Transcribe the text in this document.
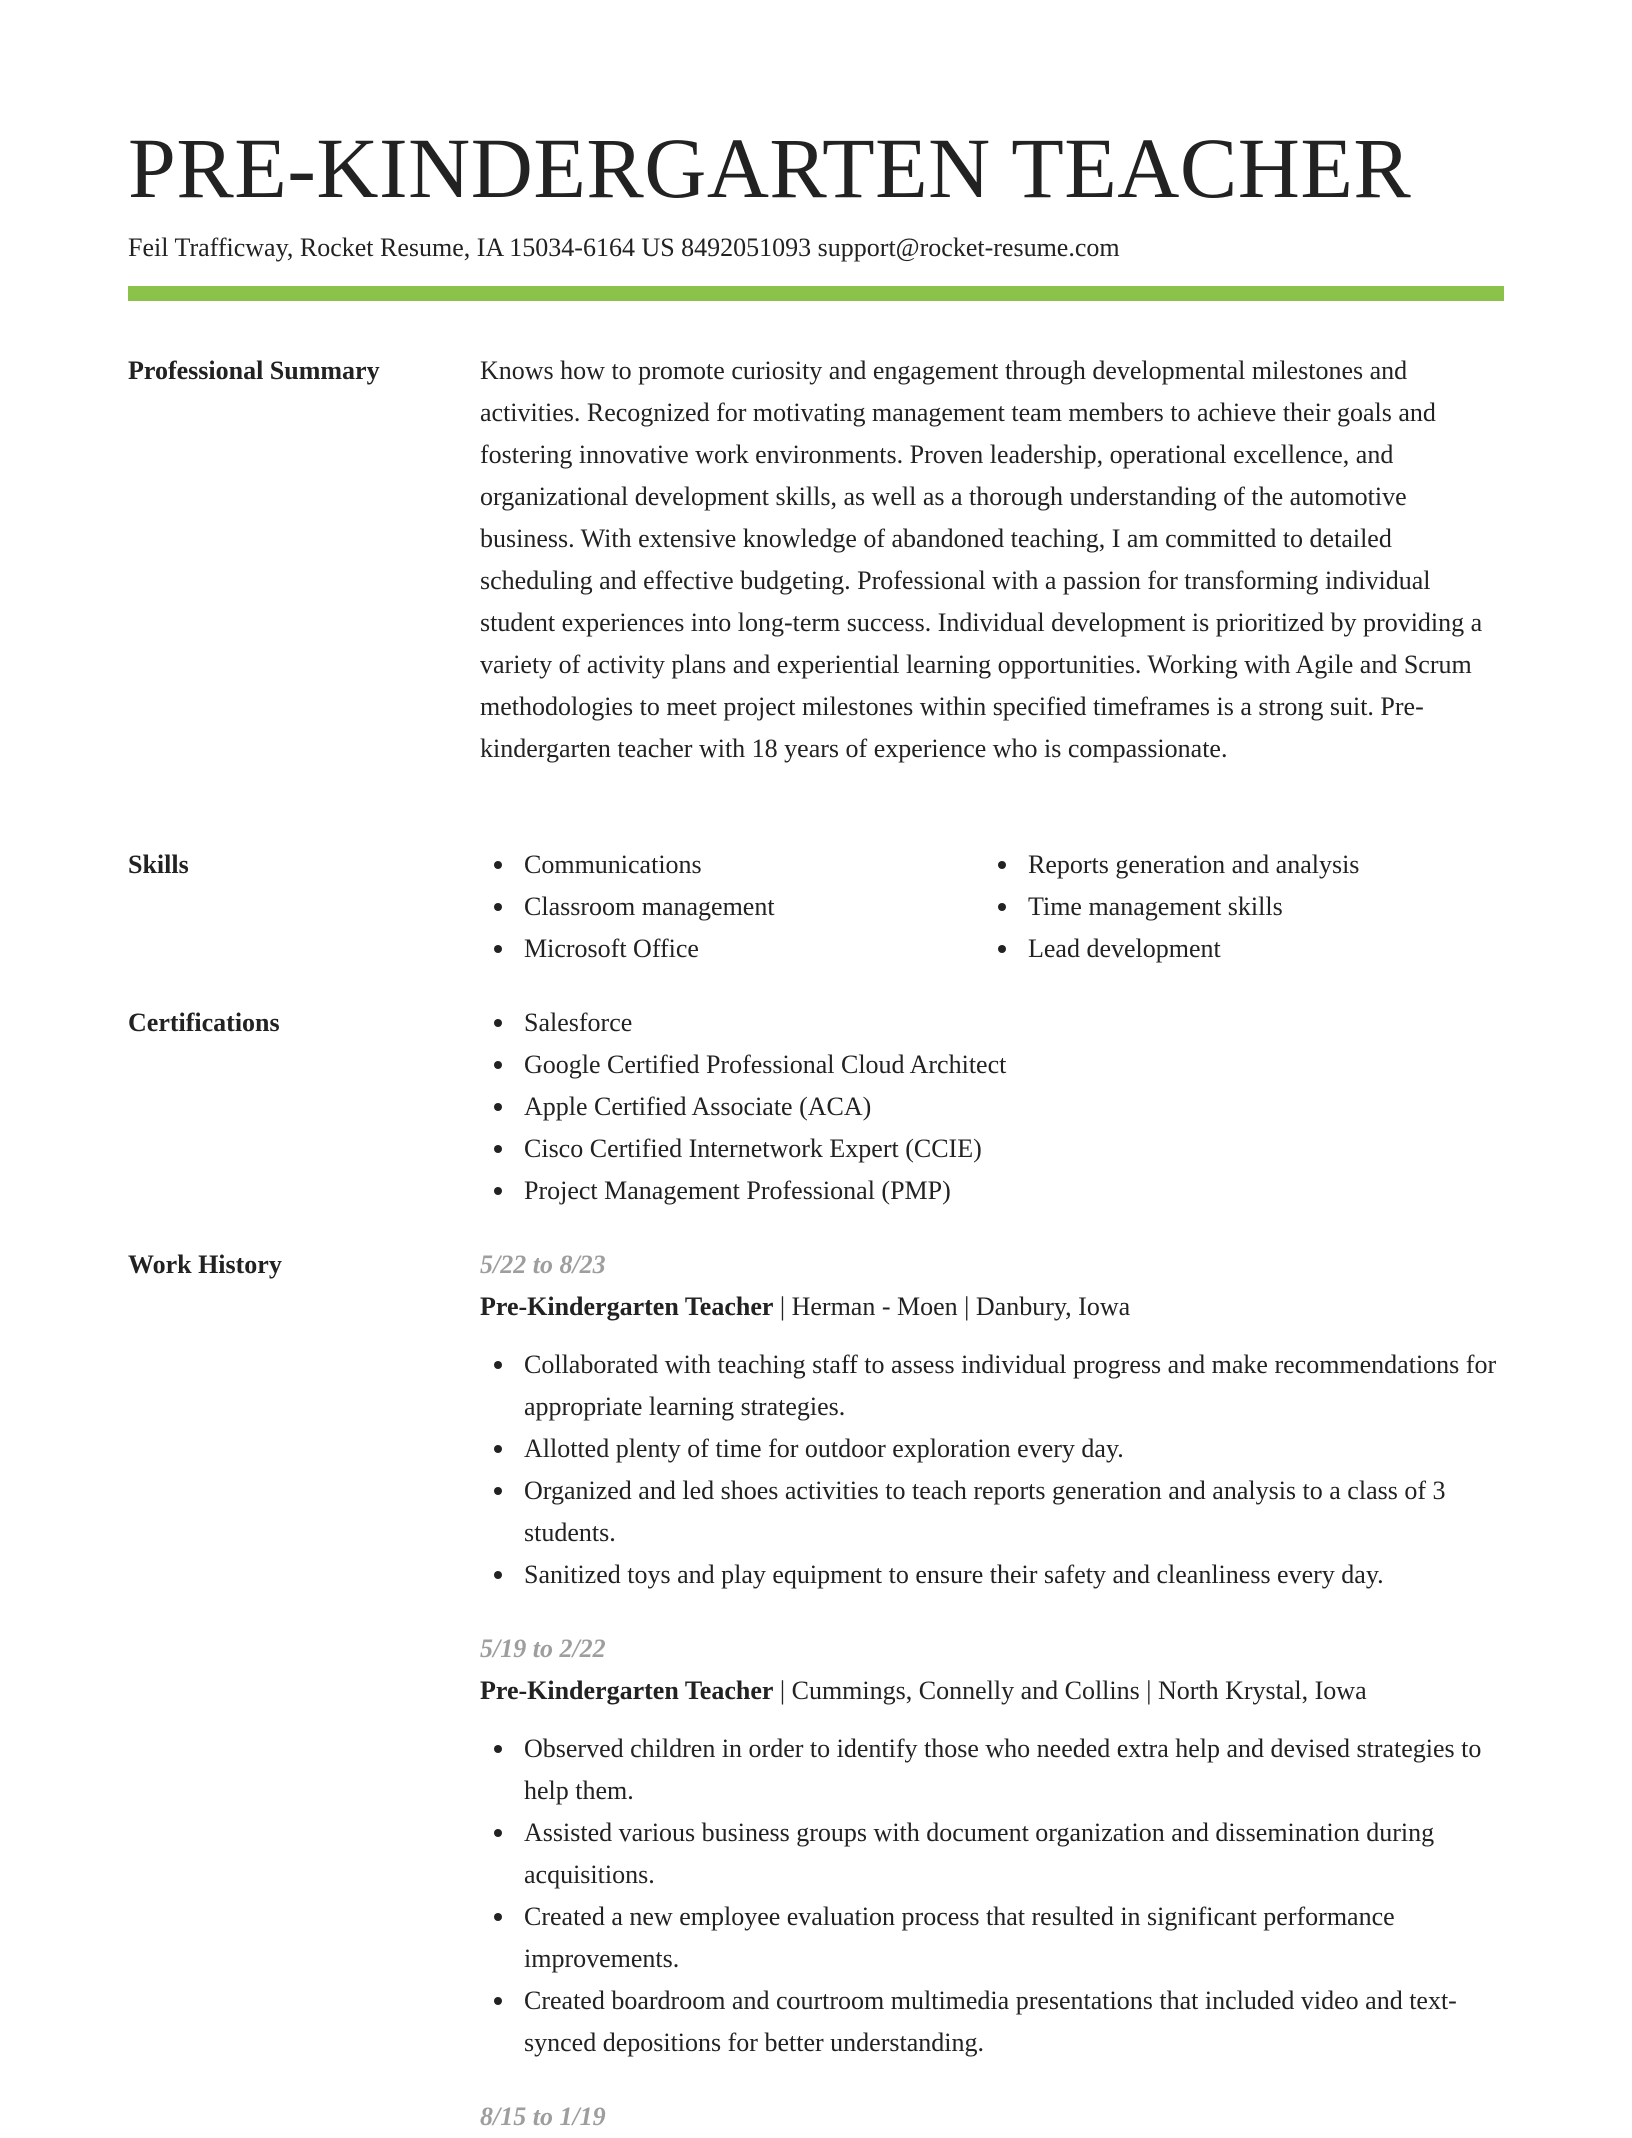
PRE-KINDERGARTEN TEACHER
Feil Trafficway, Rocket Resume, IA 15034-6164 US 8492051093 support@rocket-resume.com
Professional Summary	Knows how to promote curiosity and engagement through developmental milestones and activities. Recognized for motivating management team members to achieve their goals and fostering innovative work environments. Proven leadership, operational excellence, and organizational development skills, as well as a thorough understanding of the automotive business. With extensive knowledge of abandoned teaching, I am committed to detailed scheduling and effective budgeting. Professional with a passion for transforming individual student experiences into long-term success. Individual development is prioritized by providing a variety of activity plans and experiential learning opportunities. Working with Agile and Scrum methodologies to meet project milestones within specified timeframes is a strong suit. Pre-kindergarten teacher with 18 years of experience who is compassionate.

Skills	Communications
Classroom management
Microsoft Office
Reports generation and analysis
Time management skills
Lead development
Certifications	Salesforce
Google Certified Professional Cloud Architect
Apple Certified Associate (ACA)
Cisco Certified Internetwork Expert (CCIE)
Project Management Professional (PMP)
Work History	5/22 to 8/23
Pre-Kindergarten Teacher | Herman - Moen | Danbury, Iowa
Collaborated with teaching staff to assess individual progress and make recommendations for appropriate learning strategies.
Allotted plenty of time for outdoor exploration every day.
Organized and led shoes activities to teach reports generation and analysis to a class of 3 students.
Sanitized toys and play equipment to ensure their safety and cleanliness every day.
5/19 to 2/22
Pre-Kindergarten Teacher | Cummings, Connelly and Collins | North Krystal, Iowa
Observed children in order to identify those who needed extra help and devised strategies to help them.
Assisted various business groups with document organization and dissemination during acquisitions.
Created a new employee evaluation process that resulted in significant performance improvements.
Created boardroom and courtroom multimedia presentations that included video and text-synced depositions for better understanding.
8/15 to 1/19
